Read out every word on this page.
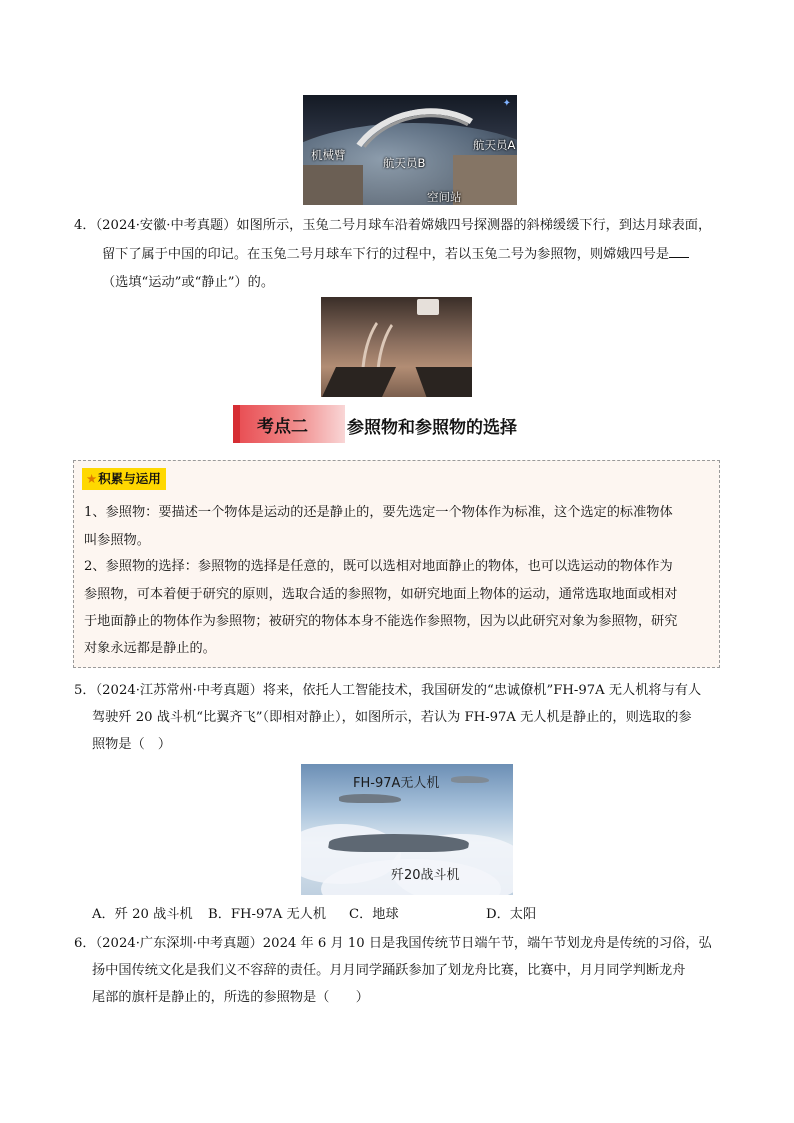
✦
机械臂
航天员A
航天员B
空间站
4．（2024·安徽·中考真题）如图所示，玉兔二号月球车沿着嫦娥四号探测器的斜梯缓缓下行，到达月球表面，
留下了属于中国的印记。在玉兔二号月球车下行的过程中，若以玉兔二号为参照物，则嫦娥四号是
（选填“运动”或“静止”）的。
考点二 参照物和参照物的选择
★积累与运用
1、参照物：要描述一个物体是运动的还是静止的，要先选定一个物体作为标准，这个选定的标准物体
叫参照物。
2、参照物的选择：参照物的选择是任意的，既可以选相对地面静止的物体，也可以选运动的物体作为
参照物，可本着便于研究的原则，选取合适的参照物，如研究地面上物体的运动，通常选取地面或相对
于地面静止的物体作为参照物；被研究的物体本身不能选作参照物，因为以此研究对象为参照物，研究
对象永远都是静止的。
5．（2024·江苏常州·中考真题）将来，依托人工智能技术，我国研发的“忠诚僚机”FH-97A 无人机将与有人
驾驶歼 20 战斗机“比翼齐飞”（即相对静止），如图所示，若认为 FH-97A 无人机是静止的，则选取的参
照物是（　）
FH-97A无人机
歼20战斗机
A．歼 20 战斗机 B．FH-97A 无人机 C．地球	D．太阳
6．（2024·广东深圳·中考真题）2024 年 6 月 10 日是我国传统节日端午节，端午节划龙舟是传统的习俗，弘
扬中国传统文化是我们义不容辞的责任。月月同学踊跃参加了划龙舟比赛，比赛中，月月同学判断龙舟
尾部的旗杆是静止的，所选的参照物是（　　）
